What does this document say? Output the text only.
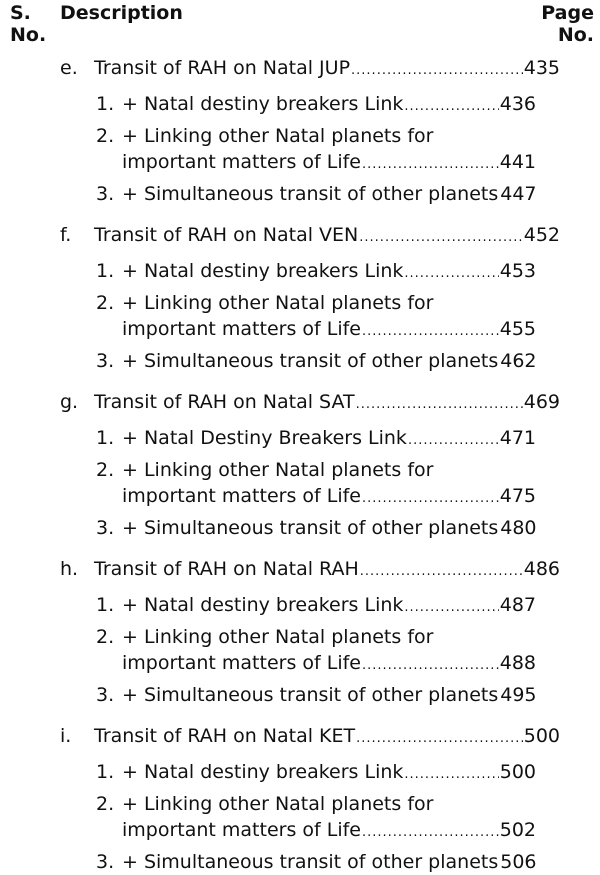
S.
No.
Description	Page
No.
e. Transit of RAH on Natal JUP .....	435
1. + Natal destiny breakers Link .....	436
2. + Linking other Natal planets for
important matters of Life .....	441
3. + Simultaneous transit of other planets 447
f. Transit of RAH on Natal VEN .....	452
1. + Natal destiny breakers Link .....	453
2. + Linking other Natal planets for
important matters of Life .....	455
3. + Simultaneous transit of other planets 462
g. Transit of RAH on Natal SAT .....	469
1. + Natal Destiny Breakers Link .....	471
2. + Linking other Natal planets for
important matters of Life .....	475
3. + Simultaneous transit of other planets 480
h. Transit of RAH on Natal RAH .....	486
1. + Natal destiny breakers Link .....	487
2. + Linking other Natal planets for
important matters of Life .....	488
3. + Simultaneous transit of other planets 495
i. Transit of RAH on Natal KET .....	500
1. + Natal destiny breakers Link .....	500
2. + Linking other Natal planets for
important matters of Life .....	502
3. + Simultaneous transit of other planets 506
